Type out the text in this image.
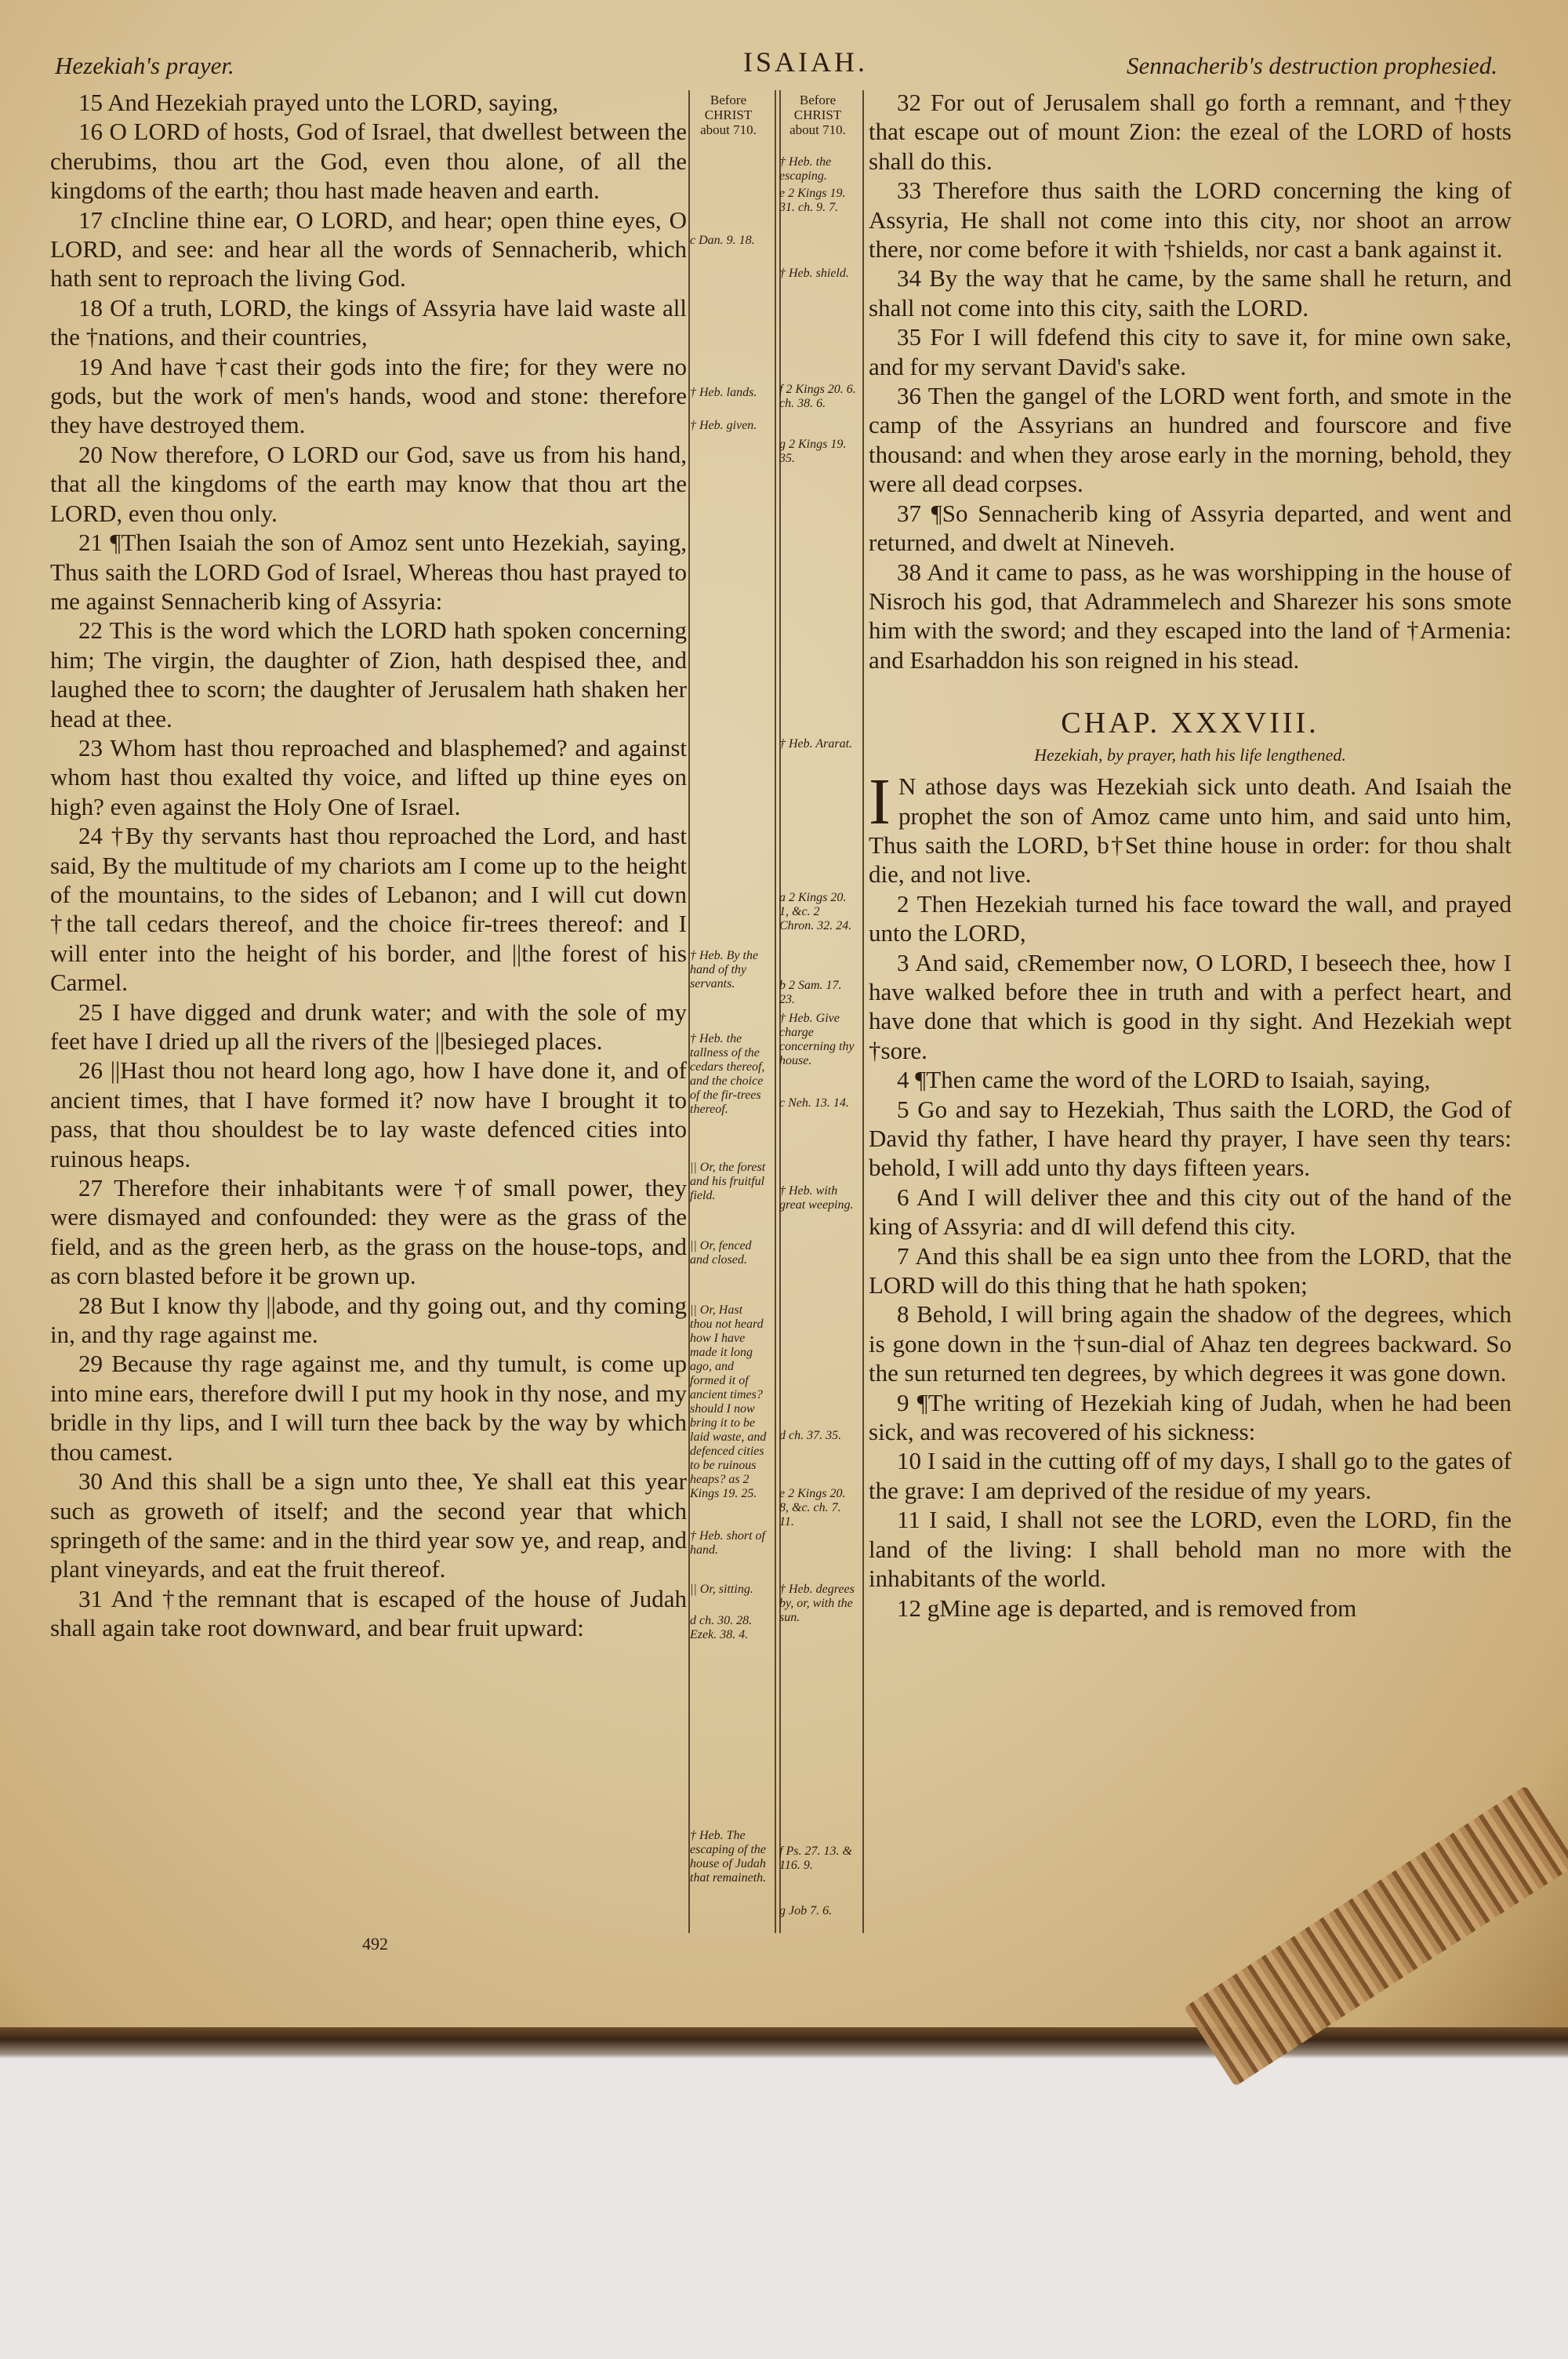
Hezekiah's prayer.	ISAIAH.	Sennacherib's destruction prophesied.

15 And Hezekiah prayed unto the LORD, saying,

16 O LORD of hosts, God of Israel, that dwellest between the cherubims, thou art the God, even thou alone, of all the kingdoms of the earth; thou hast made heaven and earth.

17 cIncline thine ear, O LORD, and hear; open thine eyes, O LORD, and see: and hear all the words of Sennacherib, which hath sent to reproach the living God.

18 Of a truth, LORD, the kings of Assyria have laid waste all the †nations, and their countries,

19 And have †cast their gods into the fire; for they were no gods, but the work of men's hands, wood and stone: therefore they have destroyed them.

20 Now therefore, O LORD our God, save us from his hand, that all the kingdoms of the earth may know that thou art the LORD, even thou only.

21 ¶Then Isaiah the son of Amoz sent unto Hezekiah, saying, Thus saith the LORD God of Israel, Whereas thou hast prayed to me against Sennacherib king of Assyria:

22 This is the word which the LORD hath spoken concerning him; The virgin, the daughter of Zion, hath despised thee, and laughed thee to scorn; the daughter of Jerusalem hath shaken her head at thee.

23 Whom hast thou reproached and blasphemed? and against whom hast thou exalted thy voice, and lifted up thine eyes on high? even against the Holy One of Israel.

24 †By thy servants hast thou reproached the Lord, and hast said, By the multitude of my chariots am I come up to the height of the mountains, to the sides of Lebanon; and I will cut down †the tall cedars thereof, and the choice fir-trees thereof: and I will enter into the height of his border, and ||the forest of his Carmel.

25 I have digged and drunk water; and with the sole of my feet have I dried up all the rivers of the ||besieged places.

26 ||Hast thou not heard long ago, how I have done it, and of ancient times, that I have formed it? now have I brought it to pass, that thou shouldest be to lay waste defenced cities into ruinous heaps.

27 Therefore their inhabitants were †of small power, they were dismayed and confounded: they were as the grass of the field, and as the green herb, as the grass on the house-tops, and as corn blasted before it be grown up.

28 But I know thy ||abode, and thy going out, and thy coming in, and thy rage against me.

29 Because thy rage against me, and thy tumult, is come up into mine ears, therefore dwill I put my hook in thy nose, and my bridle in thy lips, and I will turn thee back by the way by which thou camest.

30 And this shall be a sign unto thee, Ye shall eat this year such as groweth of itself; and the second year that which springeth of the same: and in the third year sow ye, and reap, and plant vineyards, and eat the fruit thereof.

31 And †the remnant that is escaped of the house of Judah shall again take root downward, and bear fruit upward:

Before CHRIST about 710.
c Dan. 9. 18.
† Heb. lands.
† Heb. given.
† Heb. By the hand of thy servants.
† Heb. the tallness of the cedars thereof, and the choice of the fir-trees thereof.
|| Or, the forest and his fruitful field.
|| Or, fenced and closed.
|| Or, Hast thou not heard how I have made it long ago, and formed it of ancient times? should I now bring it to be laid waste, and defenced cities to be ruinous heaps? as 2 Kings 19. 25.
† Heb. short of hand.
|| Or, sitting.
d ch. 30. 28. Ezek. 38. 4.
† Heb. The escaping of the house of Judah that remaineth.
Before CHRIST about 710.
† Heb. the escaping.
e 2 Kings 19. 31. ch. 9. 7.
† Heb. shield.
f 2 Kings 20. 6. ch. 38. 6.
g 2 Kings 19. 35.
† Heb. Ararat.
a 2 Kings 20. 1, &c. 2 Chron. 32. 24.
b 2 Sam. 17. 23.
† Heb. Give charge concerning thy house.
c Neh. 13. 14.
† Heb. with great weeping.
d ch. 37. 35.
e 2 Kings 20. 8, &c. ch. 7. 11.
† Heb. degrees by, or, with the sun.
f Ps. 27. 13. & 116. 9.
g Job 7. 6.

32 For out of Jerusalem shall go forth a remnant, and †they that escape out of mount Zion: the ezeal of the LORD of hosts shall do this.

33 Therefore thus saith the LORD concerning the king of Assyria, He shall not come into this city, nor shoot an arrow there, nor come before it with †shields, nor cast a bank against it.

34 By the way that he came, by the same shall he return, and shall not come into this city, saith the LORD.

35 For I will fdefend this city to save it, for mine own sake, and for my servant David's sake.

36 Then the gangel of the LORD went forth, and smote in the camp of the Assyrians an hundred and fourscore and five thousand: and when they arose early in the morning, behold, they were all dead corpses.

37 ¶So Sennacherib king of Assyria departed, and went and returned, and dwelt at Nineveh.

38 And it came to pass, as he was worshipping in the house of Nisroch his god, that Adrammelech and Sharezer his sons smote him with the sword; and they escaped into the land of †Armenia: and Esarhaddon his son reigned in his stead.

CHAP. XXXVIII.
Hezekiah, by prayer, hath his life lengthened.

I N athose days was Hezekiah sick unto death. And Isaiah the prophet the son of Amoz came unto him, and said unto him, Thus saith the LORD, b†Set thine house in order: for thou shalt die, and not live.

2 Then Hezekiah turned his face toward the wall, and prayed unto the LORD,

3 And said, cRemember now, O LORD, I beseech thee, how I have walked before thee in truth and with a perfect heart, and have done that which is good in thy sight. And Hezekiah wept †sore.

4 ¶Then came the word of the LORD to Isaiah, saying,

5 Go and say to Hezekiah, Thus saith the LORD, the God of David thy father, I have heard thy prayer, I have seen thy tears: behold, I will add unto thy days fifteen years.

6 And I will deliver thee and this city out of the hand of the king of Assyria: and dI will defend this city.

7 And this shall be ea sign unto thee from the LORD, that the LORD will do this thing that he hath spoken;

8 Behold, I will bring again the shadow of the degrees, which is gone down in the †sun-dial of Ahaz ten degrees backward. So the sun returned ten degrees, by which degrees it was gone down.

9 ¶The writing of Hezekiah king of Judah, when he had been sick, and was recovered of his sickness:

10 I said in the cutting off of my days, I shall go to the gates of the grave: I am deprived of the residue of my years.

11 I said, I shall not see the LORD, even the LORD, fin the land of the living: I shall behold man no more with the inhabitants of the world.

12 gMine age is departed, and is removed from

492
